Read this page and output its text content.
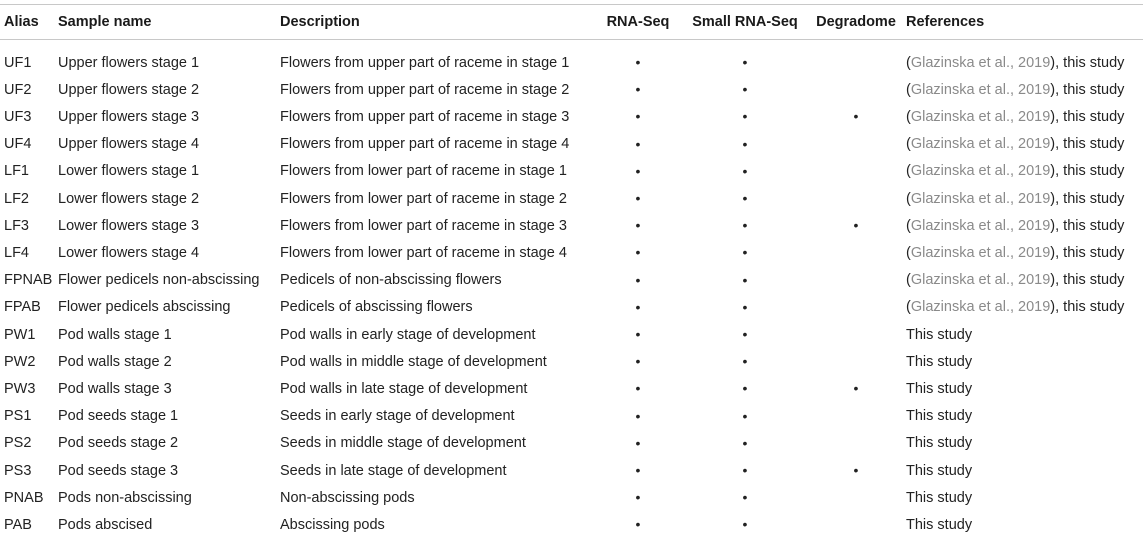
Alias	Sample name	Description	RNA-Seq	Small RNA-Seq	Degradome	References
UF1	Upper flowers stage 1	Flowers from upper part of raceme in stage 1	•	•		(Glazinska et al., 2019), this study
UF2	Upper flowers stage 2	Flowers from upper part of raceme in stage 2	•	•		(Glazinska et al., 2019), this study
UF3	Upper flowers stage 3	Flowers from upper part of raceme in stage 3	•	•	•	(Glazinska et al., 2019), this study
UF4	Upper flowers stage 4	Flowers from upper part of raceme in stage 4	•	•		(Glazinska et al., 2019), this study
LF1	Lower flowers stage 1	Flowers from lower part of raceme in stage 1	•	•		(Glazinska et al., 2019), this study
LF2	Lower flowers stage 2	Flowers from lower part of raceme in stage 2	•	•		(Glazinska et al., 2019), this study
LF3	Lower flowers stage 3	Flowers from lower part of raceme in stage 3	•	•	•	(Glazinska et al., 2019), this study
LF4	Lower flowers stage 4	Flowers from lower part of raceme in stage 4	•	•		(Glazinska et al., 2019), this study
FPNAB	Flower pedicels non-abscissing	Pedicels of non-abscissing flowers	•	•		(Glazinska et al., 2019), this study
FPAB	Flower pedicels abscissing	Pedicels of abscissing flowers	•	•		(Glazinska et al., 2019), this study
PW1	Pod walls stage 1	Pod walls in early stage of development	•	•		This study
PW2	Pod walls stage 2	Pod walls in middle stage of development	•	•		This study
PW3	Pod walls stage 3	Pod walls in late stage of development	•	•	•	This study
PS1	Pod seeds stage 1	Seeds in early stage of development	•	•		This study
PS2	Pod seeds stage 2	Seeds in middle stage of development	•	•		This study
PS3	Pod seeds stage 3	Seeds in late stage of development	•	•	•	This study
PNAB	Pods non-abscissing	Non-abscissing pods	•	•		This study
PAB	Pods abscised	Abscissing pods	•	•		This study
